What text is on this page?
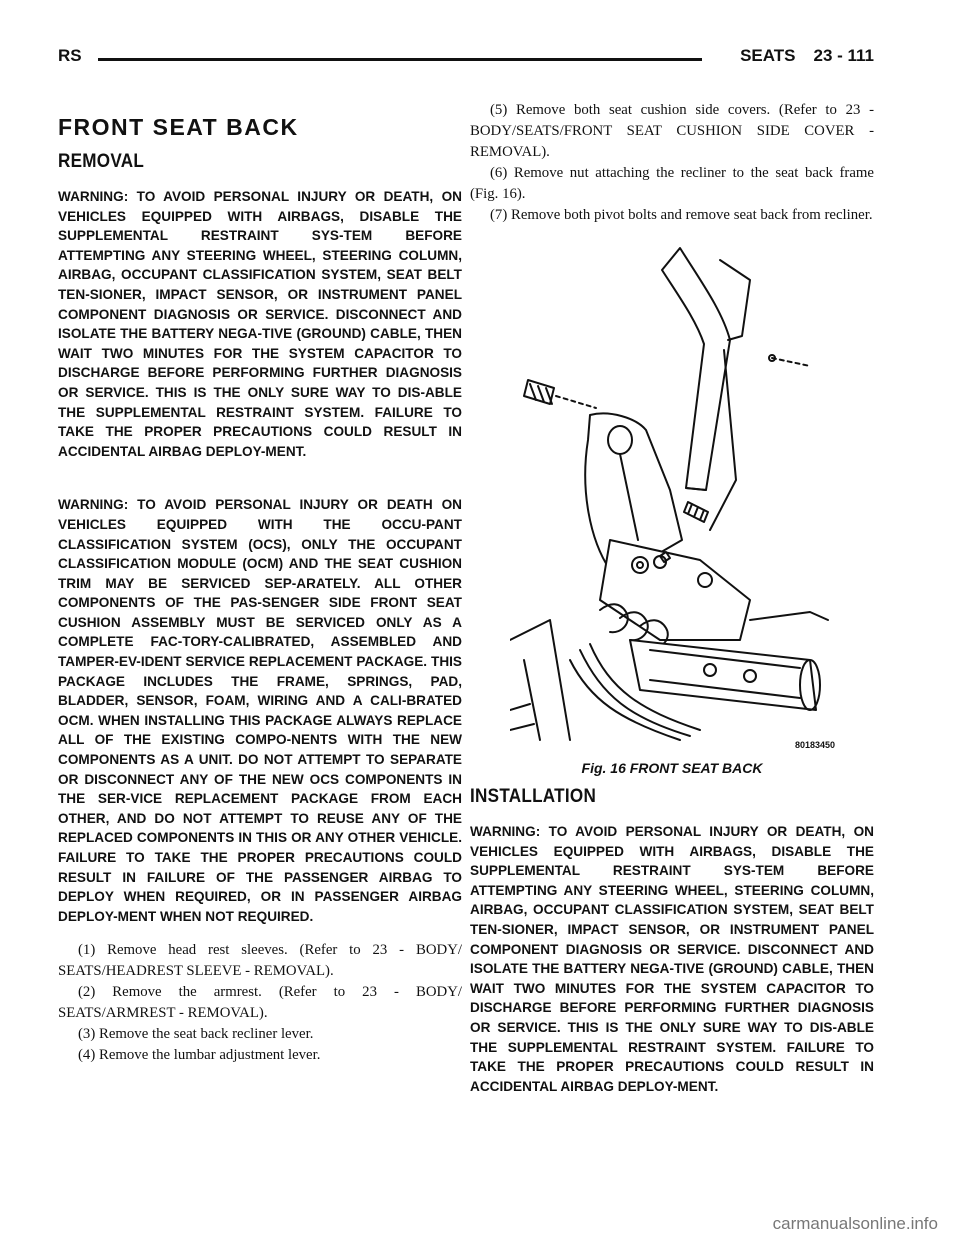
RS	SEATS 23 - 111
FRONT SEAT BACK
REMOVAL

WARNING: TO AVOID PERSONAL INJURY OR DEATH, ON VEHICLES EQUIPPED WITH AIRBAGS, DISABLE THE SUPPLEMENTAL RESTRAINT SYS-TEM BEFORE ATTEMPTING ANY STEERING WHEEL, STEERING COLUMN, AIRBAG, OCCUPANT CLASSIFICATION SYSTEM, SEAT BELT TEN-SIONER, IMPACT SENSOR, OR INSTRUMENT PANEL COMPONENT DIAGNOSIS OR SERVICE. DISCONNECT AND ISOLATE THE BATTERY NEGA-TIVE (GROUND) CABLE, THEN WAIT TWO MINUTES FOR THE SYSTEM CAPACITOR TO DISCHARGE BEFORE PERFORMING FURTHER DIAGNOSIS OR SERVICE. THIS IS THE ONLY SURE WAY TO DIS-ABLE THE SUPPLEMENTAL RESTRAINT SYSTEM. FAILURE TO TAKE THE PROPER PRECAUTIONS COULD RESULT IN ACCIDENTAL AIRBAG DEPLOY-MENT.

WARNING: TO AVOID PERSONAL INJURY OR DEATH ON VEHICLES EQUIPPED WITH THE OCCU-PANT CLASSIFICATION SYSTEM (OCS), ONLY THE OCCUPANT CLASSIFICATION MODULE (OCM) AND THE SEAT CUSHION TRIM MAY BE SERVICED SEP-ARATELY. ALL OTHER COMPONENTS OF THE PAS-SENGER SIDE FRONT SEAT CUSHION ASSEMBLY MUST BE SERVICED ONLY AS A COMPLETE FAC-TORY-CALIBRATED, ASSEMBLED AND TAMPER-EV-IDENT SERVICE REPLACEMENT PACKAGE. THIS PACKAGE INCLUDES THE FRAME, SPRINGS, PAD, BLADDER, SENSOR, FOAM, WIRING AND A CALI-BRATED OCM. WHEN INSTALLING THIS PACKAGE ALWAYS REPLACE ALL OF THE EXISTING COMPO-NENTS WITH THE NEW COMPONENTS AS A UNIT. DO NOT ATTEMPT TO SEPARATE OR DISCONNECT ANY OF THE NEW OCS COMPONENTS IN THE SER-VICE REPLACEMENT PACKAGE FROM EACH OTHER, AND DO NOT ATTEMPT TO REUSE ANY OF THE REPLACED COMPONENTS IN THIS OR ANY OTHER VEHICLE. FAILURE TO TAKE THE PROPER PRECAUTIONS COULD RESULT IN FAILURE OF THE PASSENGER AIRBAG TO DEPLOY WHEN REQUIRED, OR IN PASSENGER AIRBAG DEPLOY-MENT WHEN NOT REQUIRED.

(1) Remove head rest sleeves. (Refer to 23 - BODY/ SEATS/HEADREST SLEEVE - REMOVAL).

(2) Remove the armrest. (Refer to 23 - BODY/ SEATS/ARMREST - REMOVAL).

(3) Remove the seat back recliner lever.

(4) Remove the lumbar adjustment lever.

(5) Remove both seat cushion side covers. (Refer to 23 - BODY/SEATS/FRONT SEAT CUSHION SIDE COVER - REMOVAL).

(6) Remove nut attaching the recliner to the seat back frame (Fig. 16).

(7) Remove both pivot bolts and remove seat back from recliner.

80183450

Fig. 16 FRONT SEAT BACK

INSTALLATION

WARNING: TO AVOID PERSONAL INJURY OR DEATH, ON VEHICLES EQUIPPED WITH AIRBAGS, DISABLE THE SUPPLEMENTAL RESTRAINT SYS-TEM BEFORE ATTEMPTING ANY STEERING WHEEL, STEERING COLUMN, AIRBAG, OCCUPANT CLASSIFICATION SYSTEM, SEAT BELT TEN-SIONER, IMPACT SENSOR, OR INSTRUMENT PANEL COMPONENT DIAGNOSIS OR SERVICE. DISCONNECT AND ISOLATE THE BATTERY NEGA-TIVE (GROUND) CABLE, THEN WAIT TWO MINUTES FOR THE SYSTEM CAPACITOR TO DISCHARGE BEFORE PERFORMING FURTHER DIAGNOSIS OR SERVICE. THIS IS THE ONLY SURE WAY TO DIS-ABLE THE SUPPLEMENTAL RESTRAINT SYSTEM. FAILURE TO TAKE THE PROPER PRECAUTIONS COULD RESULT IN ACCIDENTAL AIRBAG DEPLOY-MENT.

carmanualsonline.info
